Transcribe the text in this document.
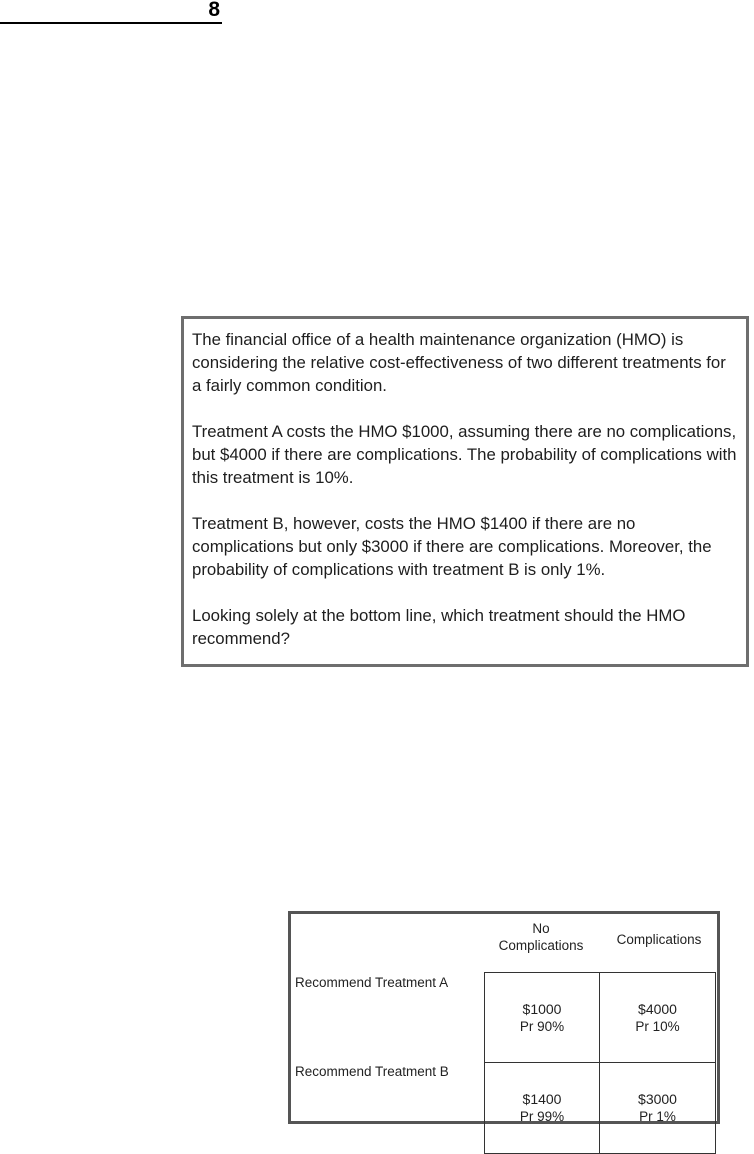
8

The financial office of a health maintenance organization (HMO) is considering the relative cost-effectiveness of two different treatments for a fairly common condition.

Treatment A costs the HMO $1000, assuming there are no complications, but $4000 if there are complications. The probability of complications with this treatment is 10%.

Treatment B, however, costs the HMO $1400 if there are no complications but only $3000 if there are complications. Moreover, the probability of complications with treatment B is only 1%.

Looking solely at the bottom line, which treatment should the HMO recommend?

No
Complications	Complications
Recommend Treatment A
Recommend Treatment B
$1000
Pr 90%
$4000
Pr 10%
$1400
Pr 99%
$3000
Pr 1%
